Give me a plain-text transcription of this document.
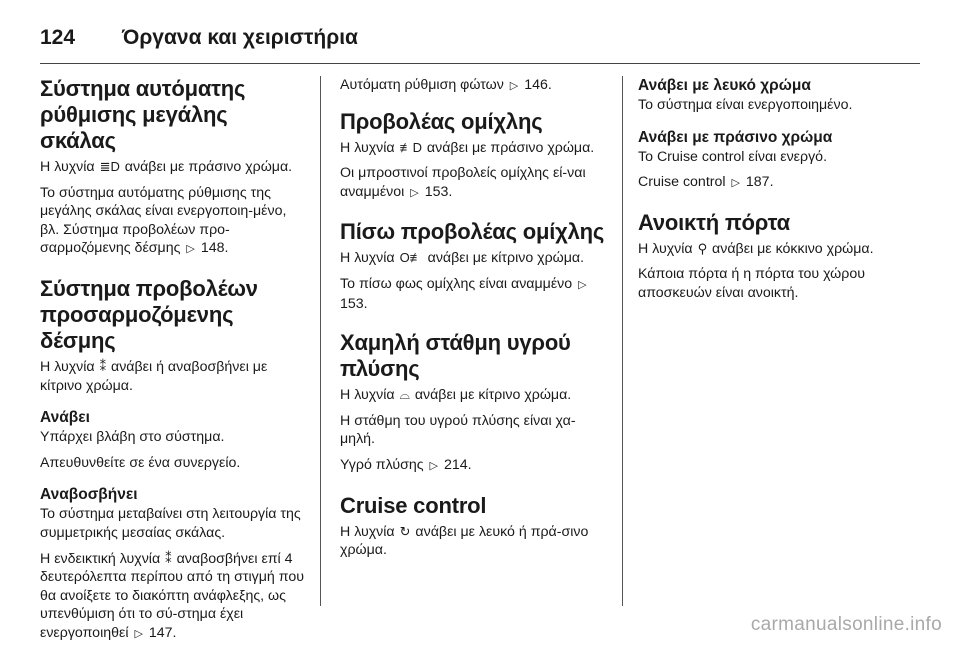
124	Όργανα και χειριστήρια
Σύστημα αυτόματης
ρύθμισης μεγάλης σκάλας

Η λυχνία ≣D ανάβει με πράσινο χρώμα.

Το σύστημα αυτόματης ρύθμισης της μεγάλης σκάλας είναι ενεργοποιη-μένο, βλ. Σύστημα προβολέων προ-σαρμοζόμενης δέσμης ▷ 148.

Σύστημα προβολέων
προσαρμοζόμενης δέσμης

Η λυχνία ⁑ ανάβει ή αναβοσβήνει με κίτρινο χρώμα.

Ανάβει

Υπάρχει βλάβη στο σύστημα.

Απευθυνθείτε σε ένα συνεργείο.

Αναβοσβήνει

Το σύστημα μεταβαίνει στη λειτουργία της συμμετρικής μεσαίας σκάλας.

Η ενδεικτική λυχνία ⁑ αναβοσβήνει επί 4 δευτερόλεπτα περίπου από τη στιγμή που θα ανοίξετε το διακόπτη ανάφλεξης, ως υπενθύμιση ότι το σύ-στημα έχει ενεργοποιηθεί ▷ 147.

Αυτόματη ρύθμιση φώτων ▷ 146.

Προβολέας ομίχλης

Η λυχνία ≢D ανάβει με πράσινο χρώμα.

Οι μπροστινοί προβολείς ομίχλης εί-ναι αναμμένοι ▷ 153.

Πίσω προβολέας ομίχλης

Η λυχνία O≢ ανάβει με κίτρινο χρώμα.

Το πίσω φως ομίχλης είναι αναμμένο ▷ 153.

Χαμηλή στάθμη υγρού
πλύσης

Η λυχνία ⌓ ανάβει με κίτρινο χρώμα.

Η στάθμη του υγρού πλύσης είναι χα-μηλή.

Υγρό πλύσης ▷ 214.

Cruise control

Η λυχνία ↻ ανάβει με λευκό ή πρά-σινο χρώμα.

Ανάβει με λευκό χρώμα

Το σύστημα είναι ενεργοποιημένο.

Ανάβει με πράσινο χρώμα

Το Cruise control είναι ενεργό.

Cruise control ▷ 187.

Ανοικτή πόρτα

Η λυχνία ⚲ ανάβει με κόκκινο χρώμα.

Κάποια πόρτα ή η πόρτα του χώρου αποσκευών είναι ανοικτή.

carmanualsonline.info
